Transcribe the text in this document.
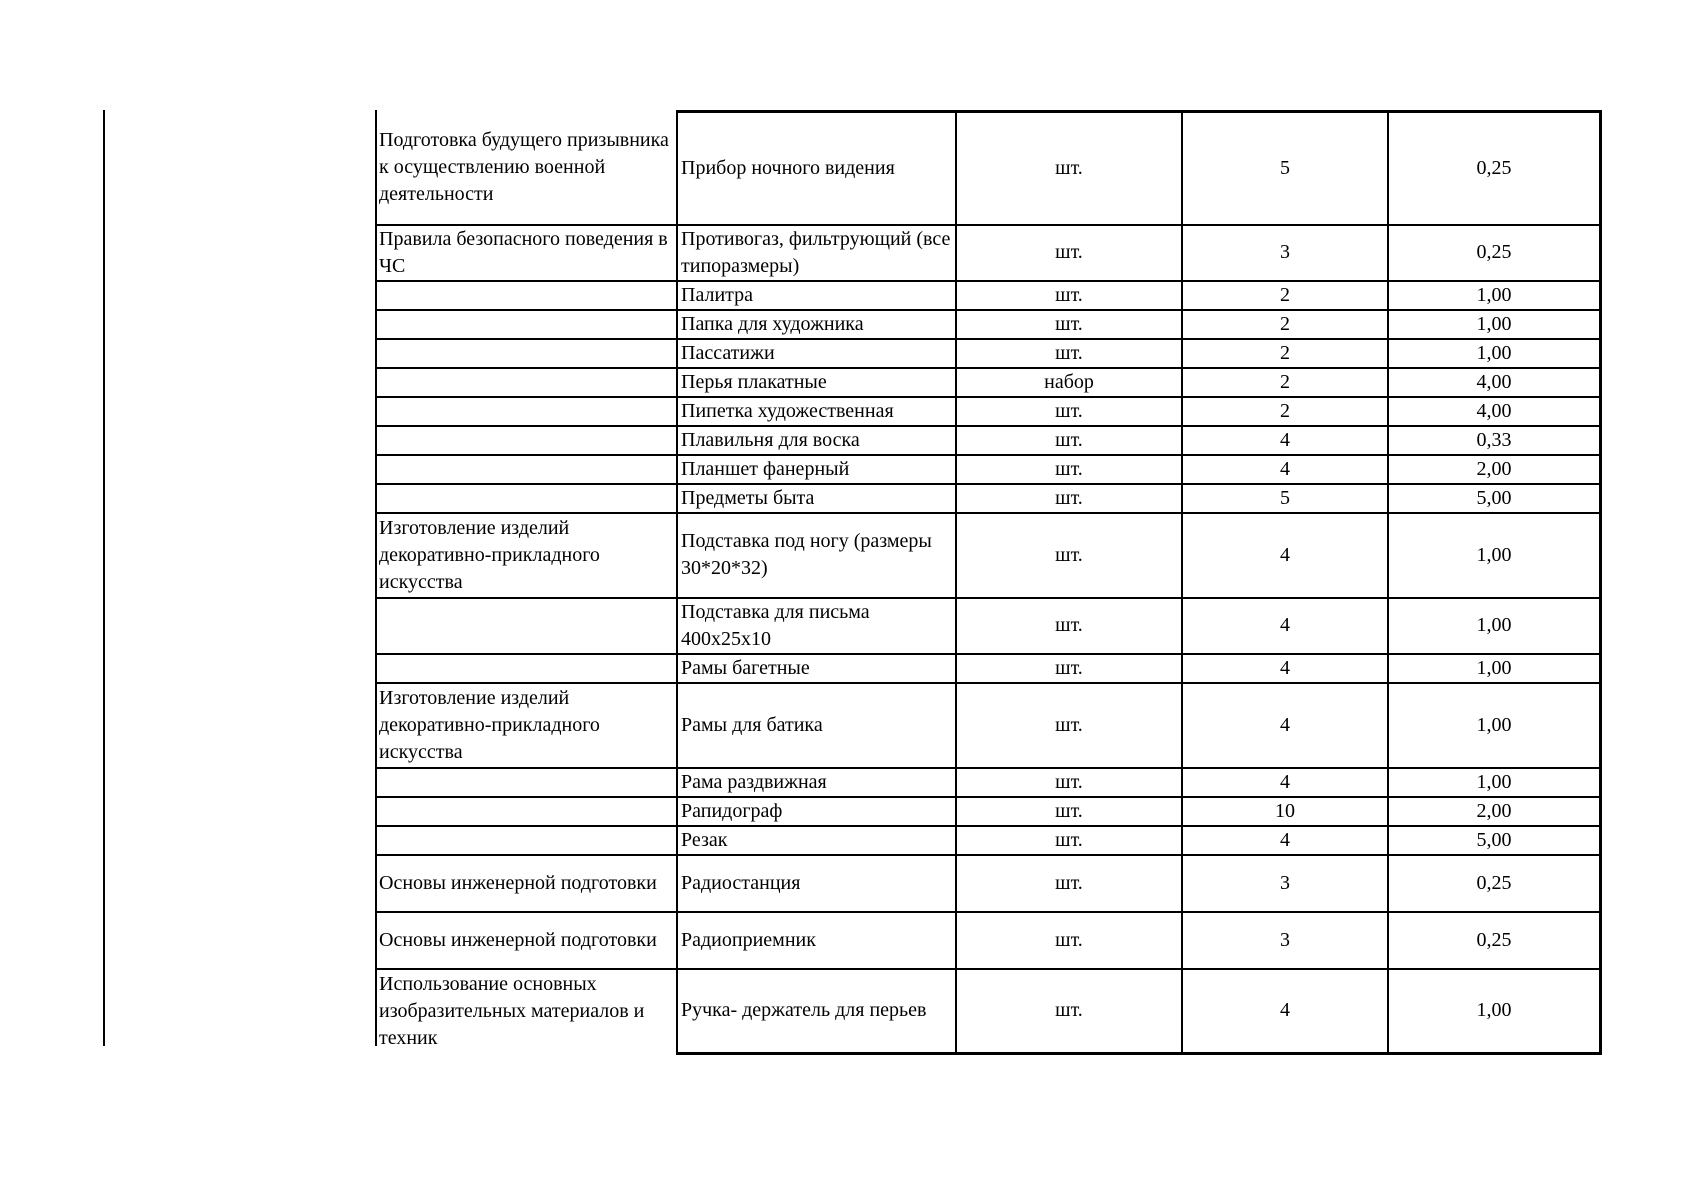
Подготовка будущего призывника к осуществлению военной деятельности	Прибор ночного видения	шт.	5	0,25
Правила безопасного поведения в ЧС	Противогаз, фильтрующий (все типоразмеры)	шт.	3	0,25
	Палитра	шт.	2	1,00
	Папка для художника	шт.	2	1,00
	Пассатижи	шт.	2	1,00
	Перья плакатные	набор	2	4,00
	Пипетка художественная	шт.	2	4,00
	Плавильня для воска	шт.	4	0,33
	Планшет фанерный	шт.	4	2,00
	Предметы быта	шт.	5	5,00
Изготовление изделий декоративно-прикладного искусства	Подставка под ногу (размеры 30*20*32)	шт.	4	1,00
	Подставка для письма 400х25х10	шт.	4	1,00
	Рамы багетные	шт.	4	1,00
Изготовление изделий декоративно-прикладного искусства	Рамы для батика	шт.	4	1,00
	Рама раздвижная	шт.	4	1,00
	Рапидограф	шт.	10	2,00
	Резак	шт.	4	5,00
Основы инженерной подготовки	Радиостанция	шт.	3	0,25
Основы инженерной подготовки	Радиоприемник	шт.	3	0,25
Использование основных изобразительных материалов и техник	Ручка- держатель для перьев	шт.	4	1,00
